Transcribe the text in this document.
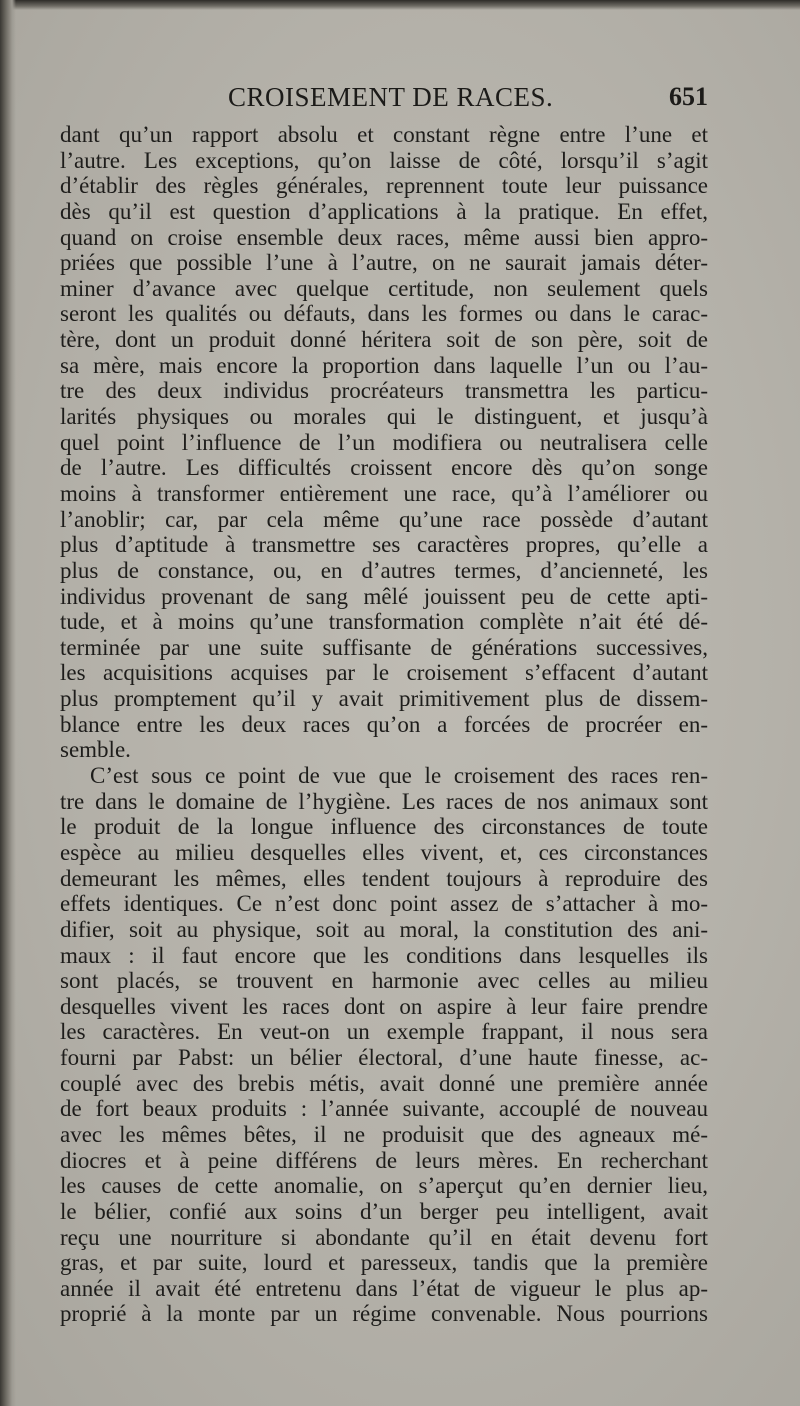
CROISEMENT DE RACES.	651
dant qu’un rapport absolu et constant règne entre l’une et
l’autre. Les exceptions, qu’on laisse de côté, lorsqu’il s’agit
d’établir des règles générales, reprennent toute leur puissance
dès qu’il est question d’applications à la pratique. En effet,
quand on croise ensemble deux races, même aussi bien appro-
priées que possible l’une à l’autre, on ne saurait jamais déter-
miner d’avance avec quelque certitude, non seulement quels
seront les qualités ou défauts, dans les formes ou dans le carac-
tère, dont un produit donné héritera soit de son père, soit de
sa mère, mais encore la proportion dans laquelle l’un ou l’au-
tre des deux individus procréateurs transmettra les particu-
larités physiques ou morales qui le distinguent, et jusqu’à
quel point l’influence de l’un modifiera ou neutralisera celle
de l’autre. Les difficultés croissent encore dès qu’on songe
moins à transformer entièrement une race, qu’à l’améliorer ou
l’anoblir; car, par cela même qu’une race possède d’autant
plus d’aptitude à transmettre ses caractères propres, qu’elle a
plus de constance, ou, en d’autres termes, d’ancienneté, les
individus provenant de sang mêlé jouissent peu de cette apti-
tude, et à moins qu’une transformation complète n’ait été dé-
terminée par une suite suffisante de générations successives,
les acquisitions acquises par le croisement s’effacent d’autant
plus promptement qu’il y avait primitivement plus de dissem-
blance entre les deux races qu’on a forcées de procréer en-
semble.
C’est sous ce point de vue que le croisement des races ren-
tre dans le domaine de l’hygiène. Les races de nos animaux sont
le produit de la longue influence des circonstances de toute
espèce au milieu desquelles elles vivent, et, ces circonstances
demeurant les mêmes, elles tendent toujours à reproduire des
effets identiques. Ce n’est donc point assez de s’attacher à mo-
difier, soit au physique, soit au moral, la constitution des ani-
maux : il faut encore que les conditions dans lesquelles ils
sont placés, se trouvent en harmonie avec celles au milieu
desquelles vivent les races dont on aspire à leur faire prendre
les caractères. En veut-on un exemple frappant, il nous sera
fourni par Pabst: un bélier électoral, d’une haute finesse, ac-
couplé avec des brebis métis, avait donné une première année
de fort beaux produits : l’année suivante, accouplé de nouveau
avec les mêmes bêtes, il ne produisit que des agneaux mé-
diocres et à peine différens de leurs mères. En recherchant
les causes de cette anomalie, on s’aperçut qu’en dernier lieu,
le bélier, confié aux soins d’un berger peu intelligent, avait
reçu une nourriture si abondante qu’il en était devenu fort
gras, et par suite, lourd et paresseux, tandis que la première
année il avait été entretenu dans l’état de vigueur le plus ap-
proprié à la monte par un régime convenable. Nous pourrions
